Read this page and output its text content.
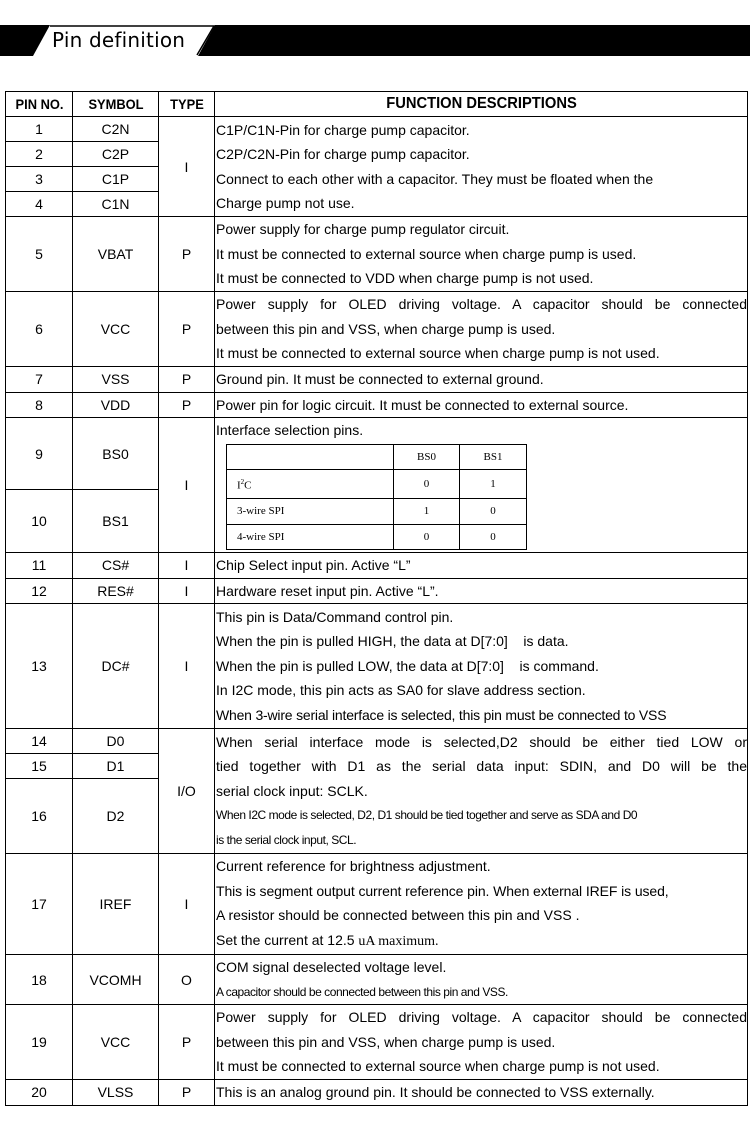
Pin definition
PIN NO.	SYMBOL	TYPE	FUNCTION DESCRIPTIONS
1	C2N	I	
C1P/C1N-Pin for charge pump capacitor.
C2P/C2N-Pin for charge pump capacitor.
Connect to each other with a capacitor. They must be floated when the
Charge pump not use.

2	C2P
3	C1P
4	C1N
5	VBAT	P	
Power supply for charge pump regulator circuit.
It must be connected to external source when charge pump is used.
It must be connected to VDD when charge pump is not used.

6	VCC	P	
Power supply for OLED driving voltage. A capacitor should be connected
between this pin and VSS, when charge pump is used.
It must be connected to external source when charge pump is not used.

7	VSS	P	Ground pin. It must be connected to external ground.

8	VDD	P	Power pin for logic circuit. It must be connected to external source.

9	BS0	I	
Interface selection pins.
	BS0	BS1
$I^2C$	0	1
3-wire SPI	1	0
4-wire SPI	0	0

10	BS1
11	CS#	I	Chip Select input pin. Active “L”

12	RES#	I	Hardware reset input pin. Active “L”.

13	DC#	I	
This pin is Data/Command control pin.
When the pin is pulled HIGH, the data at D[7:0]    is data.
When the pin is pulled LOW, the data at D[7:0]    is command.
In I2C mode, this pin acts as SA0 for slave address section.
When 3-wire serial interface is selected, this pin must be connected to VSS

14	D0	I/O	
When serial interface mode is selected,D2 should be either tied LOW or
tied together with D1 as the serial data input: SDIN, and D0 will be the
serial clock input: SCLK.
When I2C mode is selected, D2, D1 should be tied together and serve as SDA and D0
is the serial clock input, SCL.

15	D1
16	D2
17	IREF	I	
Current reference for brightness adjustment.
This is segment output current reference pin. When external IREF is used,
A resistor should be connected between this pin and VSS .
Set the current at 12.5 uA maximum.

18	VCOMH	O	
COM signal deselected voltage level.
A capacitor should be connected between this pin and VSS.

19	VCC	P	
Power supply for OLED driving voltage. A capacitor should be connected
between this pin and VSS, when charge pump is used.
It must be connected to external source when charge pump is not used.

20	VLSS	P	This is an analog ground pin. It should be connected to VSS externally.
